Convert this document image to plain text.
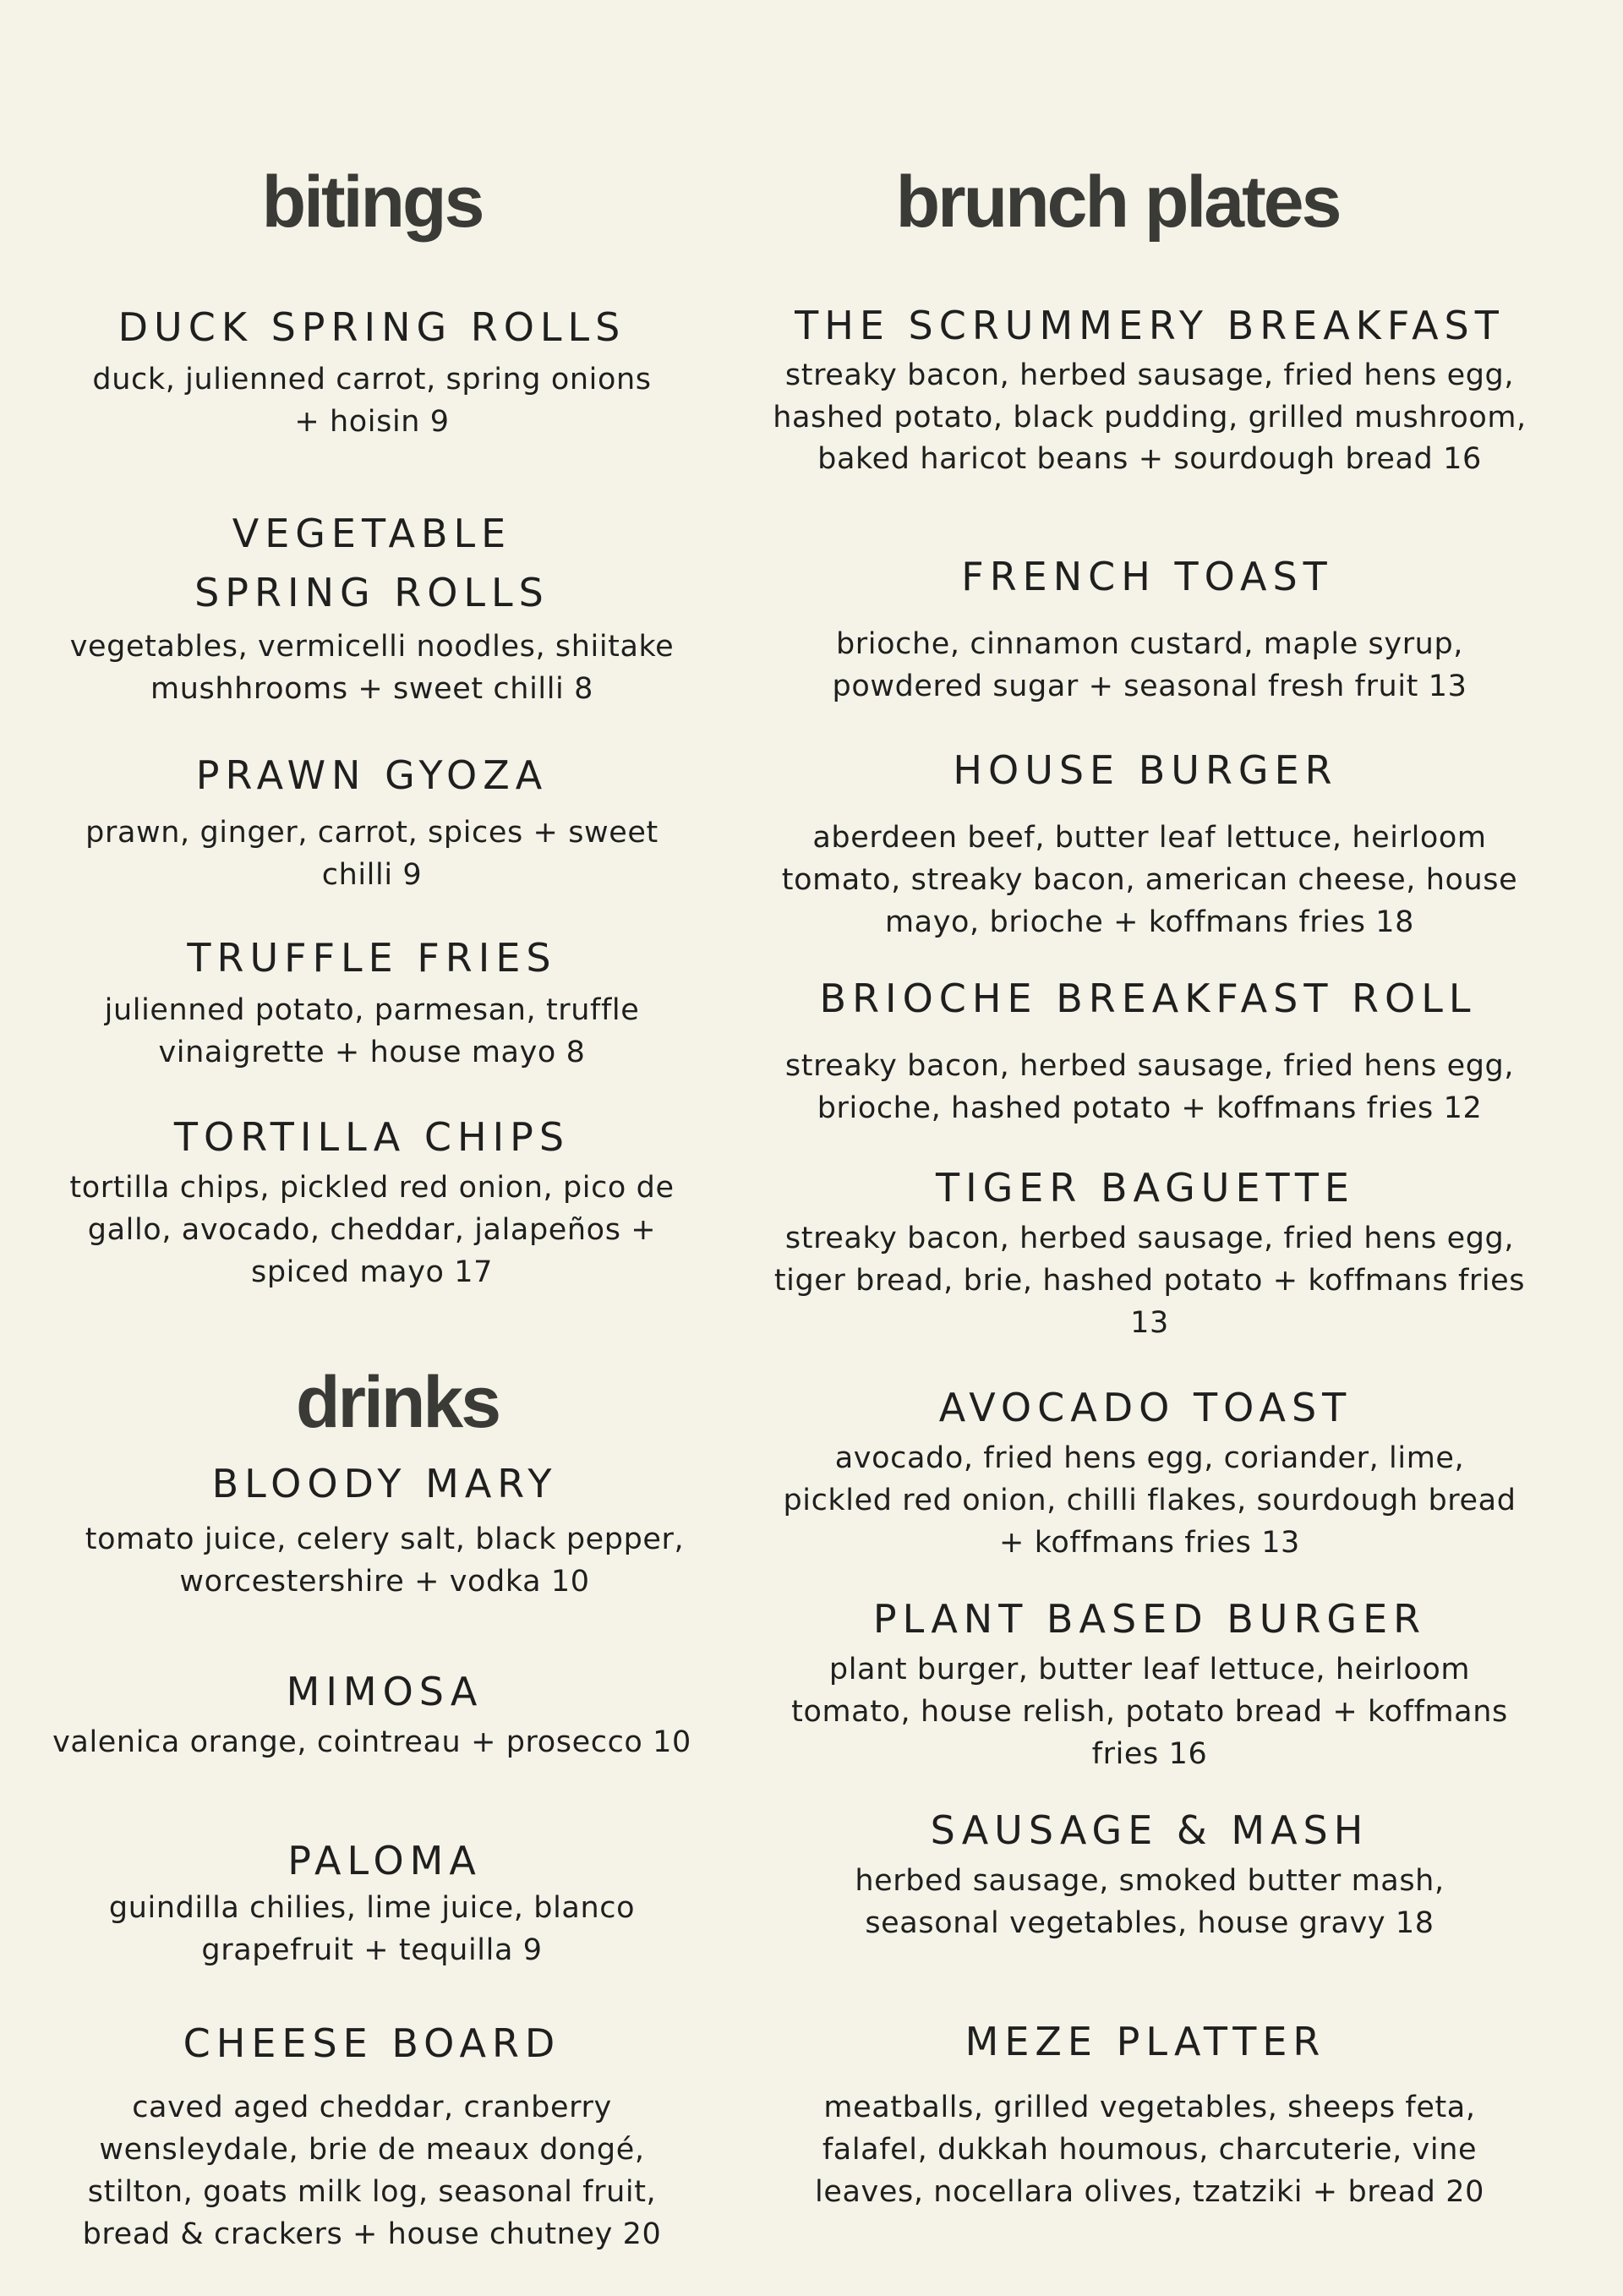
bitings
DUCK SPRING ROLLS
duck, julienned carrot, spring onions + hoisin 9
VEGETABLE SPRING ROLLS
vegetables, vermicelli noodles, shiitake mushhrooms + sweet chilli 8
PRAWN GYOZA
prawn, ginger, carrot, spices + sweet chilli 9
TRUFFLE FRIES
julienned potato, parmesan, truffle vinaigrette + house mayo 8
TORTILLA CHIPS
tortilla chips, pickled red onion, pico de gallo, avocado, cheddar, jalapeños + spiced mayo 17
drinks
BLOODY MARY
tomato juice, celery salt, black pepper, worcestershire + vodka 10
MIMOSA
valenica orange, cointreau + prosecco 10
PALOMA
guindilla chilies, lime juice, blanco grapefruit + tequilla 9
CHEESE BOARD
caved aged cheddar, cranberry wensleydale, brie de meaux dongé, stilton, goats milk log, seasonal fruit, bread & crackers + house chutney 20
brunch plates
THE SCRUMMERY BREAKFAST
streaky bacon, herbed sausage, fried hens egg, hashed potato, black pudding, grilled mushroom, baked haricot beans + sourdough bread 16
FRENCH TOAST
brioche, cinnamon custard, maple syrup, powdered sugar + seasonal fresh fruit 13
HOUSE BURGER
aberdeen beef, butter leaf lettuce, heirloom tomato, streaky bacon, american cheese, house mayo, brioche + koffmans fries 18
BRIOCHE BREAKFAST ROLL
streaky bacon, herbed sausage, fried hens egg, brioche, hashed potato + koffmans fries 12
TIGER BAGUETTE
streaky bacon, herbed sausage, fried hens egg, tiger bread, brie, hashed potato + koffmans fries 13
AVOCADO TOAST
avocado, fried hens egg, coriander, lime, pickled red onion, chilli flakes, sourdough bread + koffmans fries 13
PLANT BASED BURGER
plant burger, butter leaf lettuce, heirloom tomato, house relish, potato bread + koffmans fries 16
SAUSAGE & MASH
herbed sausage, smoked butter mash, seasonal vegetables, house gravy 18
MEZE PLATTER
meatballs, grilled vegetables, sheeps feta, falafel, dukkah houmous, charcuterie, vine leaves, nocellara olives, tzatziki + bread 20
